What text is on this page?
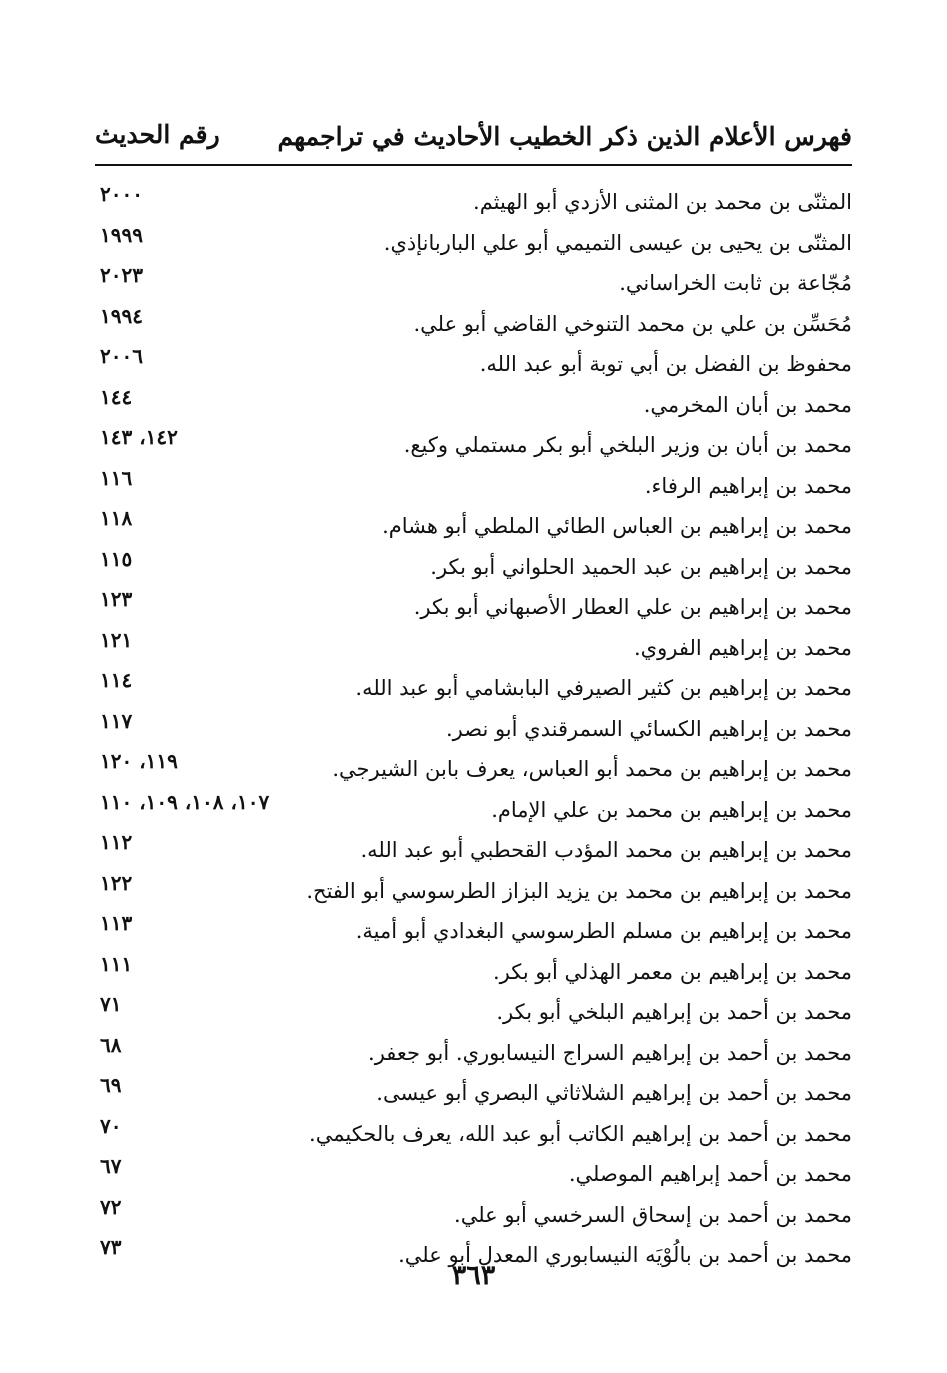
فهرس الأعلام الذين ذكر الخطيب الأحاديث في تراجمهم
رقم الحديث
المثنّى بن محمد بن المثنى الأزدي أبو الهيثم.
٢٠٠٠
المثنّى بن يحيى بن عيسى التميمي أبو علي الباربانإذي.
١٩٩٩
مُجّاعة بن ثابت الخراساني.
٢٠٢٣
مُحَسِّن بن علي بن محمد التنوخي القاضي أبو علي.
١٩٩٤
محفوظ بن الفضل بن أبي توبة أبو عبد الله.
٢٠٠٦
محمد بن أبان المخرمي.
١٤٤
محمد بن أبان بن وزير البلخي أبو بكر مستملي وكيع.
١٤٢، ١٤٣
محمد بن إبراهيم الرفاء.
١١٦
محمد بن إبراهيم بن العباس الطائي الملطي أبو هشام.
١١٨
محمد بن إبراهيم بن عبد الحميد الحلواني أبو بكر.
١١٥
محمد بن إبراهيم بن علي العطار الأصبهاني أبو بكر.
١٢٣
محمد بن إبراهيم الفروي.
١٢١
محمد بن إبراهيم بن كثير الصيرفي البابشامي أبو عبد الله.
١١٤
محمد بن إبراهيم الكسائي السمرقندي أبو نصر.
١١٧
محمد بن إبراهيم بن محمد أبو العباس، يعرف بابن الشيرجي.
١١٩، ١٢٠
محمد بن إبراهيم بن محمد بن علي الإمام.
١٠٧، ١٠٨، ١٠٩، ١١٠
محمد بن إبراهيم بن محمد المؤدب القحطبي أبو عبد الله.
١١٢
محمد بن إبراهيم بن محمد بن يزيد البزاز الطرسوسي أبو الفتح.
١٢٢
محمد بن إبراهيم بن مسلم الطرسوسي البغدادي أبو أمية.
١١٣
محمد بن إبراهيم بن معمر الهذلي أبو بكر.
١١١
محمد بن أحمد بن إبراهيم البلخي أبو بكر.
٧١
محمد بن أحمد بن إبراهيم السراج النيسابوري. أبو جعفر.
٦٨
محمد بن أحمد بن إبراهيم الشلاثاثي البصري أبو عيسى.
٦٩
محمد بن أحمد بن إبراهيم الكاتب أبو عبد الله، يعرف بالحكيمي.
٧٠
محمد بن أحمد إبراهيم الموصلي.
٦٧
محمد بن أحمد بن إسحاق السرخسي أبو علي.
٧٢
محمد بن أحمد بن بالُوْيَه النيسابوري المعدل أبو علي.
٧٣
٣٦٣
